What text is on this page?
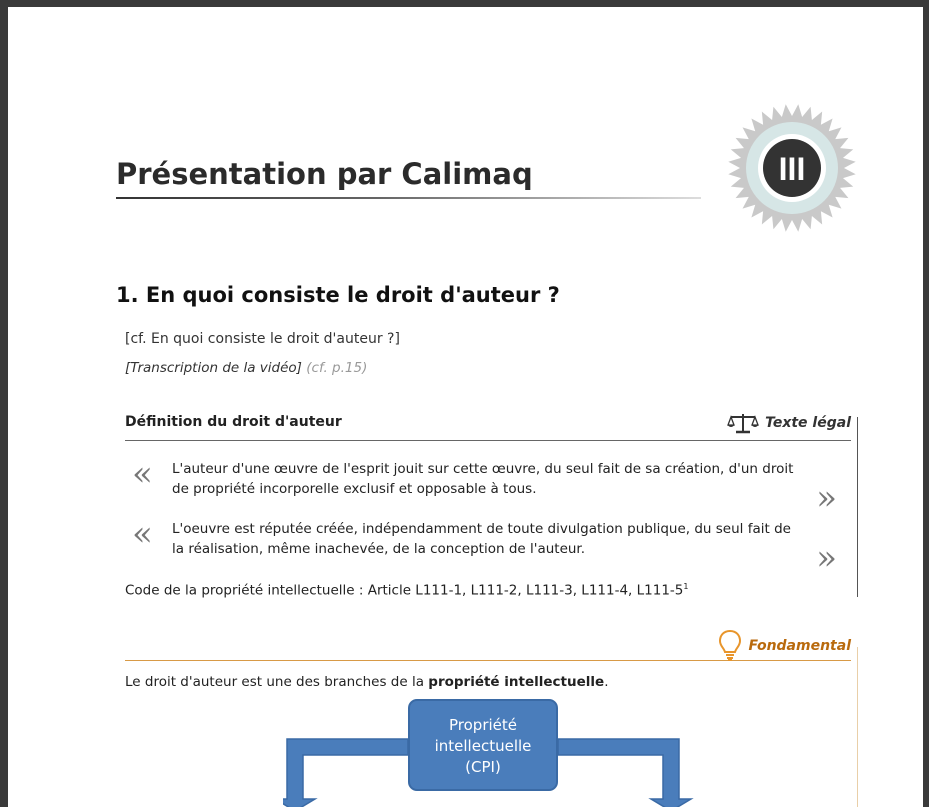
III
Présentation par Calimaq
1. En quoi consiste le droit d'auteur ?
[cf. En quoi consiste le droit d'auteur ?]
[Transcription de la vidéo] (cf. p.15)
Définition du droit d'auteur	Texte légal
« L'auteur d'une œuvre de l'esprit jouit sur cette œuvre, du seul fait de sa création, d'un droit de propriété incorporelle exclusif et opposable à tous.	»
« L'oeuvre est réputée créée, indépendamment de toute divulgation publique, du seul fait de la réalisation, même inachevée, de la conception de l'auteur.	»
Code de la propriété intellectuelle : Article L111-1, L111-2, L111-3, L111-4, $L111-5^1$
Fondamental
Le droit d'auteur est une des branches de la propriété intellectuelle.
Propriété
intellectuelle
(CPI)
